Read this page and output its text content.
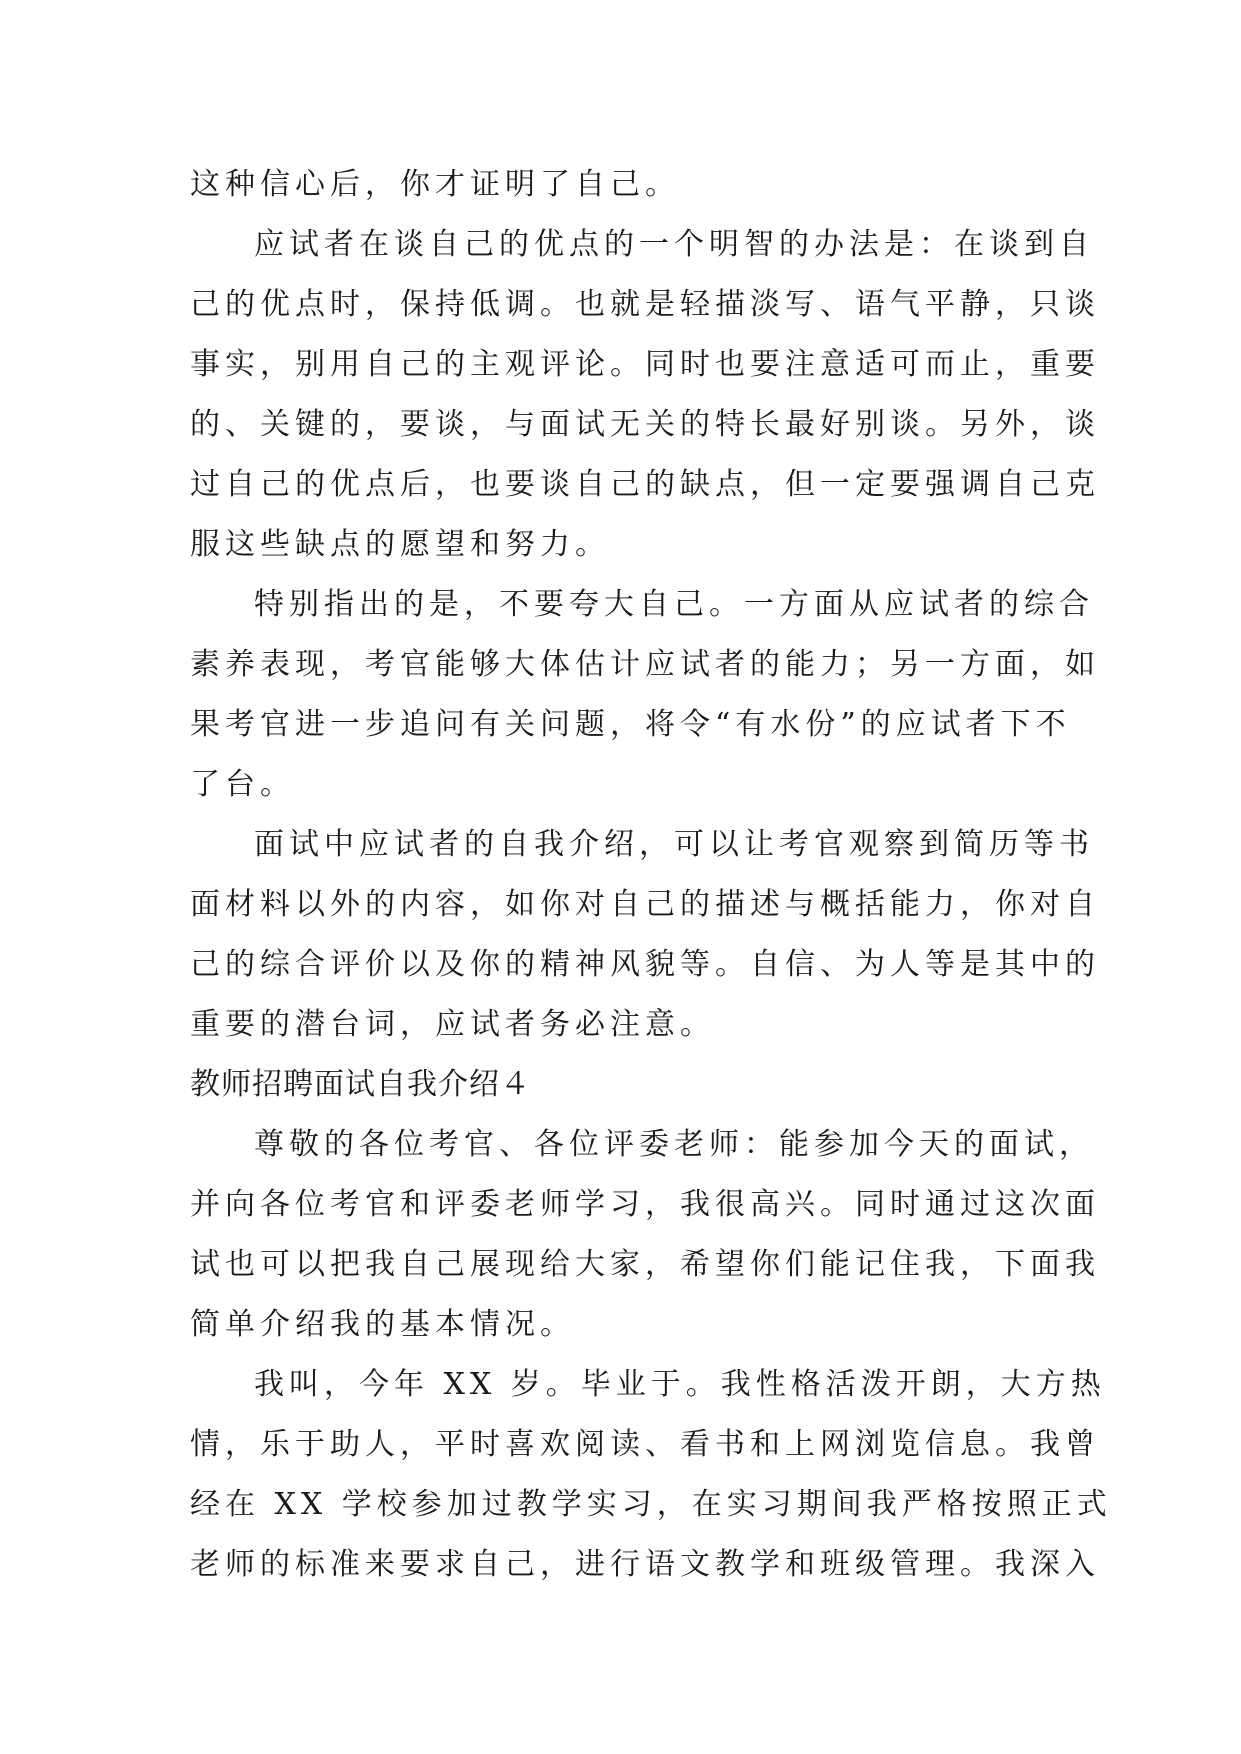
这种信心后，你才证明了自己。
应试者在谈自己的优点的一个明智的办法是：在谈到自
己的优点时，保持低调。也就是轻描淡写、语气平静，只谈
事实，别用自己的主观评论。同时也要注意适可而止，重要
的、关键的，要谈，与面试无关的特长最好别谈。另外，谈
过自己的优点后，也要谈自己的缺点，但一定要强调自己克
服这些缺点的愿望和努力。
特别指出的是，不要夸大自己。一方面从应试者的综合
素养表现，考官能够大体估计应试者的能力；另一方面，如
果考官进一步追问有关问题，将令“有水份”的应试者下不
了台。
面试中应试者的自我介绍，可以让考官观察到简历等书
面材料以外的内容，如你对自己的描述与概括能力，你对自
己的综合评价以及你的精神风貌等。自信、为人等是其中的
重要的潜台词，应试者务必注意。
教师招聘面试自我介绍４
尊敬的各位考官、各位评委老师：能参加今天的面试，
并向各位考官和评委老师学习，我很高兴。同时通过这次面
试也可以把我自己展现给大家，希望你们能记住我，下面我
简单介绍我的基本情况。
我叫，今年 XX 岁。毕业于。我性格活泼开朗，大方热
情，乐于助人，平时喜欢阅读、看书和上网浏览信息。我曾
经在 XX 学校参加过教学实习，在实习期间我严格按照正式
老师的标准来要求自己，进行语文教学和班级管理。我深入
